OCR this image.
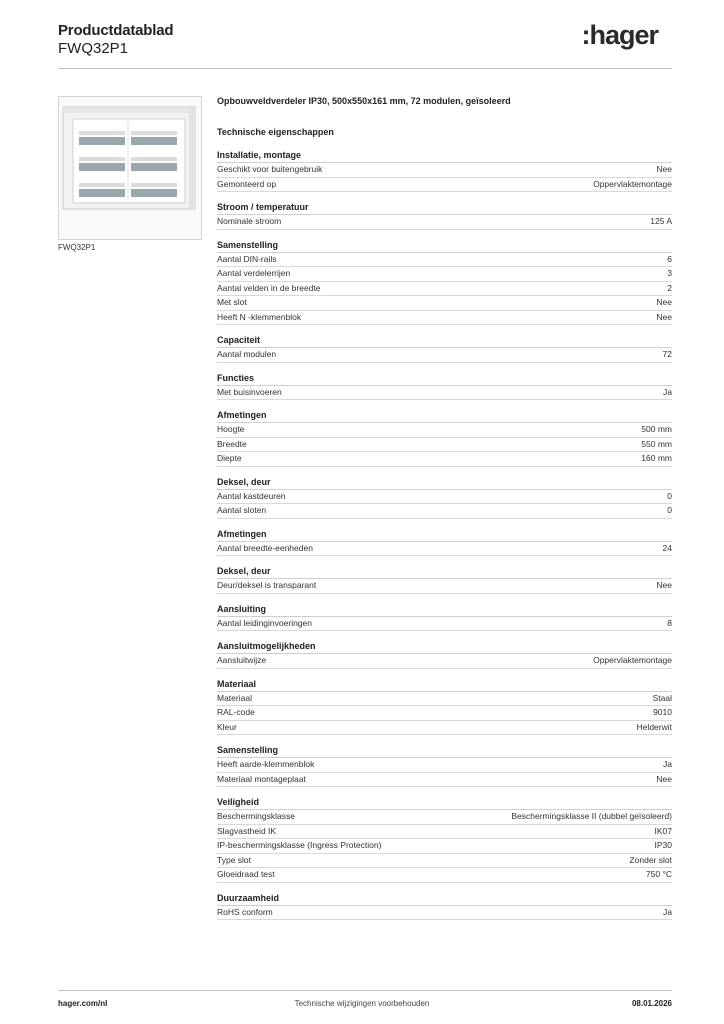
Productdatablad
FWQ32P1	:hager
FWQ32P1
Opbouwveldverdeler IP30, 500x550x161 mm, 72 modulen, geïsoleerd
Technische eigenschappen
Installatie, montage
Geschikt voor buitengebruik	Nee
Gemonteerd op	Oppervlaktemontage
Stroom / temperatuur
Nominale stroom	125 A
Samenstelling
Aantal DIN-rails	6
Aantal verdelerrijen	3
Aantal velden in de breedte	2
Met slot	Nee
Heeft N -klemmenblok	Nee
Capaciteit
Aantal modulen	72
Functies
Met buisinvoeren	Ja
Afmetingen
Hoogte	500 mm
Breedte	550 mm
Diepte	160 mm
Deksel, deur
Aantal kastdeuren	0
Aantal sloten	0
Afmetingen
Aantal breedte-eenheden	24
Deksel, deur
Deur/deksel is transparant	Nee
Aansluiting
Aantal leidinginvoeringen	8
Aansluitmogelijkheden
Aansluitwijze	Oppervlaktemontage
Materiaal
Materiaal	Staal
RAL-code	9010
Kleur	Helderwit
Samenstelling
Heeft aarde-klemmenblok	Ja
Materiaal montageplaat	Nee
Veiligheid
Beschermingsklasse	Beschermingsklasse II (dubbel geïsoleerd)
Slagvastheid IK	IK07
IP-beschermingsklasse (Ingress Protection)	IP30
Type slot	Zonder slot
Gloeidraad test	750 °C
Duurzaamheid
RoHS conform	Ja
hager.com/nl	Technische wijzigingen voorbehouden	08.01.2026
